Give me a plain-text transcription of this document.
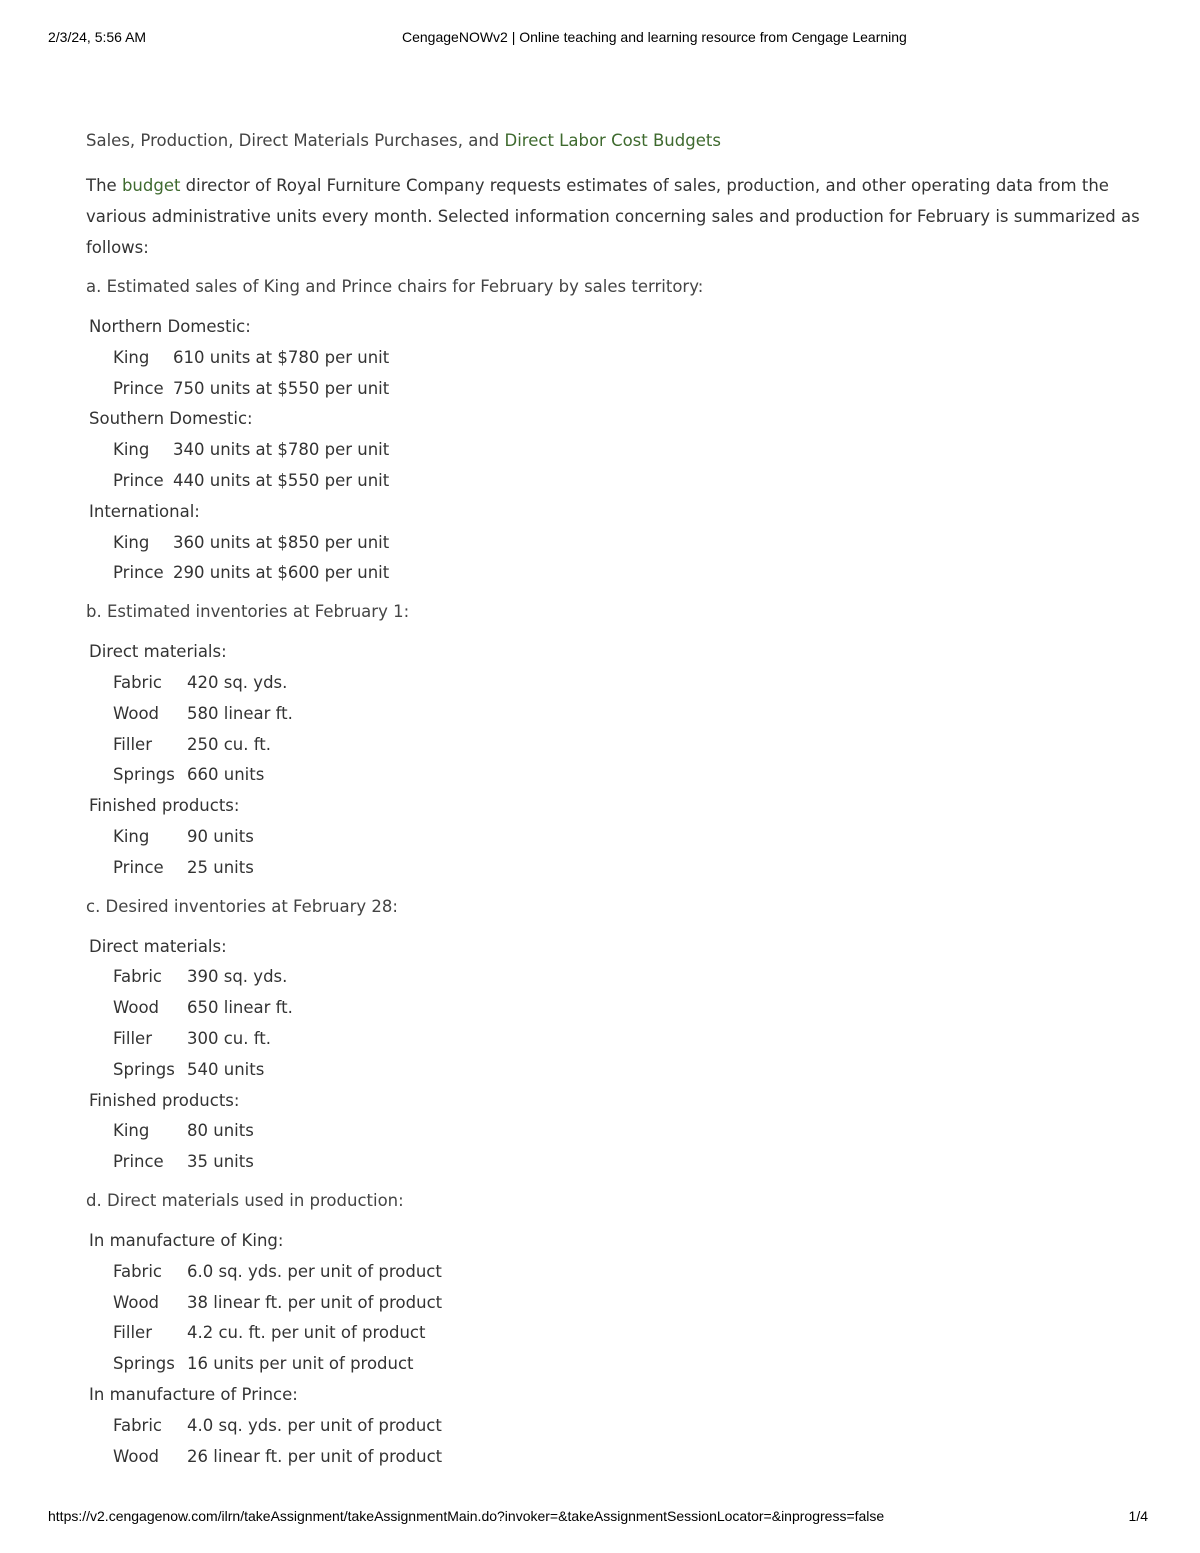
2/3/24, 5:56 AM	CengageNOWv2 | Online teaching and learning resource from Cengage Learning
Sales, Production, Direct Materials Purchases, and Direct Labor Cost Budgets
The budget director of Royal Furniture Company requests estimates of sales, production, and other operating data from the various administrative units every month. Selected information concerning sales and production for February is summarized as follows:
a. Estimated sales of King and Prince chairs for February by sales territory:
Northern Domestic:
King 610 units at $780 per unit
Prince 750 units at $550 per unit
Southern Domestic:
King 340 units at $780 per unit
Prince 440 units at $550 per unit
International:
King 360 units at $850 per unit
Prince 290 units at $600 per unit
b. Estimated inventories at February 1:
Direct materials:
Fabric 420 sq. yds.
Wood 580 linear ft.
Filler 250 cu. ft.
Springs 660 units
Finished products:
King 90 units
Prince 25 units
c. Desired inventories at February 28:
Direct materials:
Fabric 390 sq. yds.
Wood 650 linear ft.
Filler 300 cu. ft.
Springs 540 units
Finished products:
King 80 units
Prince 35 units
d. Direct materials used in production:
In manufacture of King:
Fabric 6.0 sq. yds. per unit of product
Wood 38 linear ft. per unit of product
Filler 4.2 cu. ft. per unit of product
Springs 16 units per unit of product
In manufacture of Prince:
Fabric 4.0 sq. yds. per unit of product
Wood 26 linear ft. per unit of product
https://v2.cengagenow.com/ilrn/takeAssignment/takeAssignmentMain.do?invoker=&takeAssignmentSessionLocator=&inprogress=false	1/4
